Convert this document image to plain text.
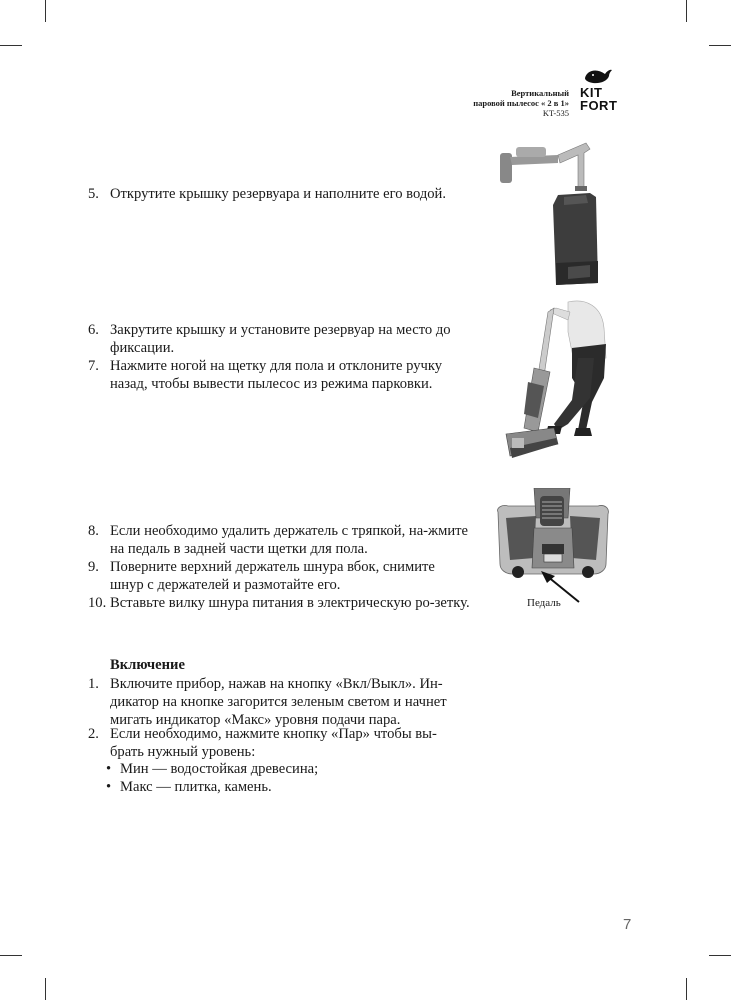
Вертикальный
паровой пылесос « 2 в 1»
KT-535
KIT
FORT
5. Открутите крышку резервуара и наполните его водой.
6. Закрутите крышку и установите резервуар на место до фиксации.
7. Нажмите ногой на щетку для пола и отклоните ручку назад, чтобы вывести пылесос из режима парковки.
8. Если необходимо удалить держатель с тряпкой, на-жмите на педаль в задней части щетки для пола.
9. Поверните верхний держатель шнура вбок, снимите шнур с держателей и размотайте его.
10. Вставьте вилку шнура питания в электрическую ро-зетку.
Включение
1. Включите прибор, нажав на кнопку «Вкл/Выкл». Ин-дикатор на кнопке загорится зеленым светом и начнет мигать индикатор «Макс» уровня подачи пара.
2. Если необходимо, нажмите кнопку «Пар» чтобы вы-брать нужный уровень:
• Мин — водостойкая древесина;
• Макс — плитка, камень.
Педаль
7
